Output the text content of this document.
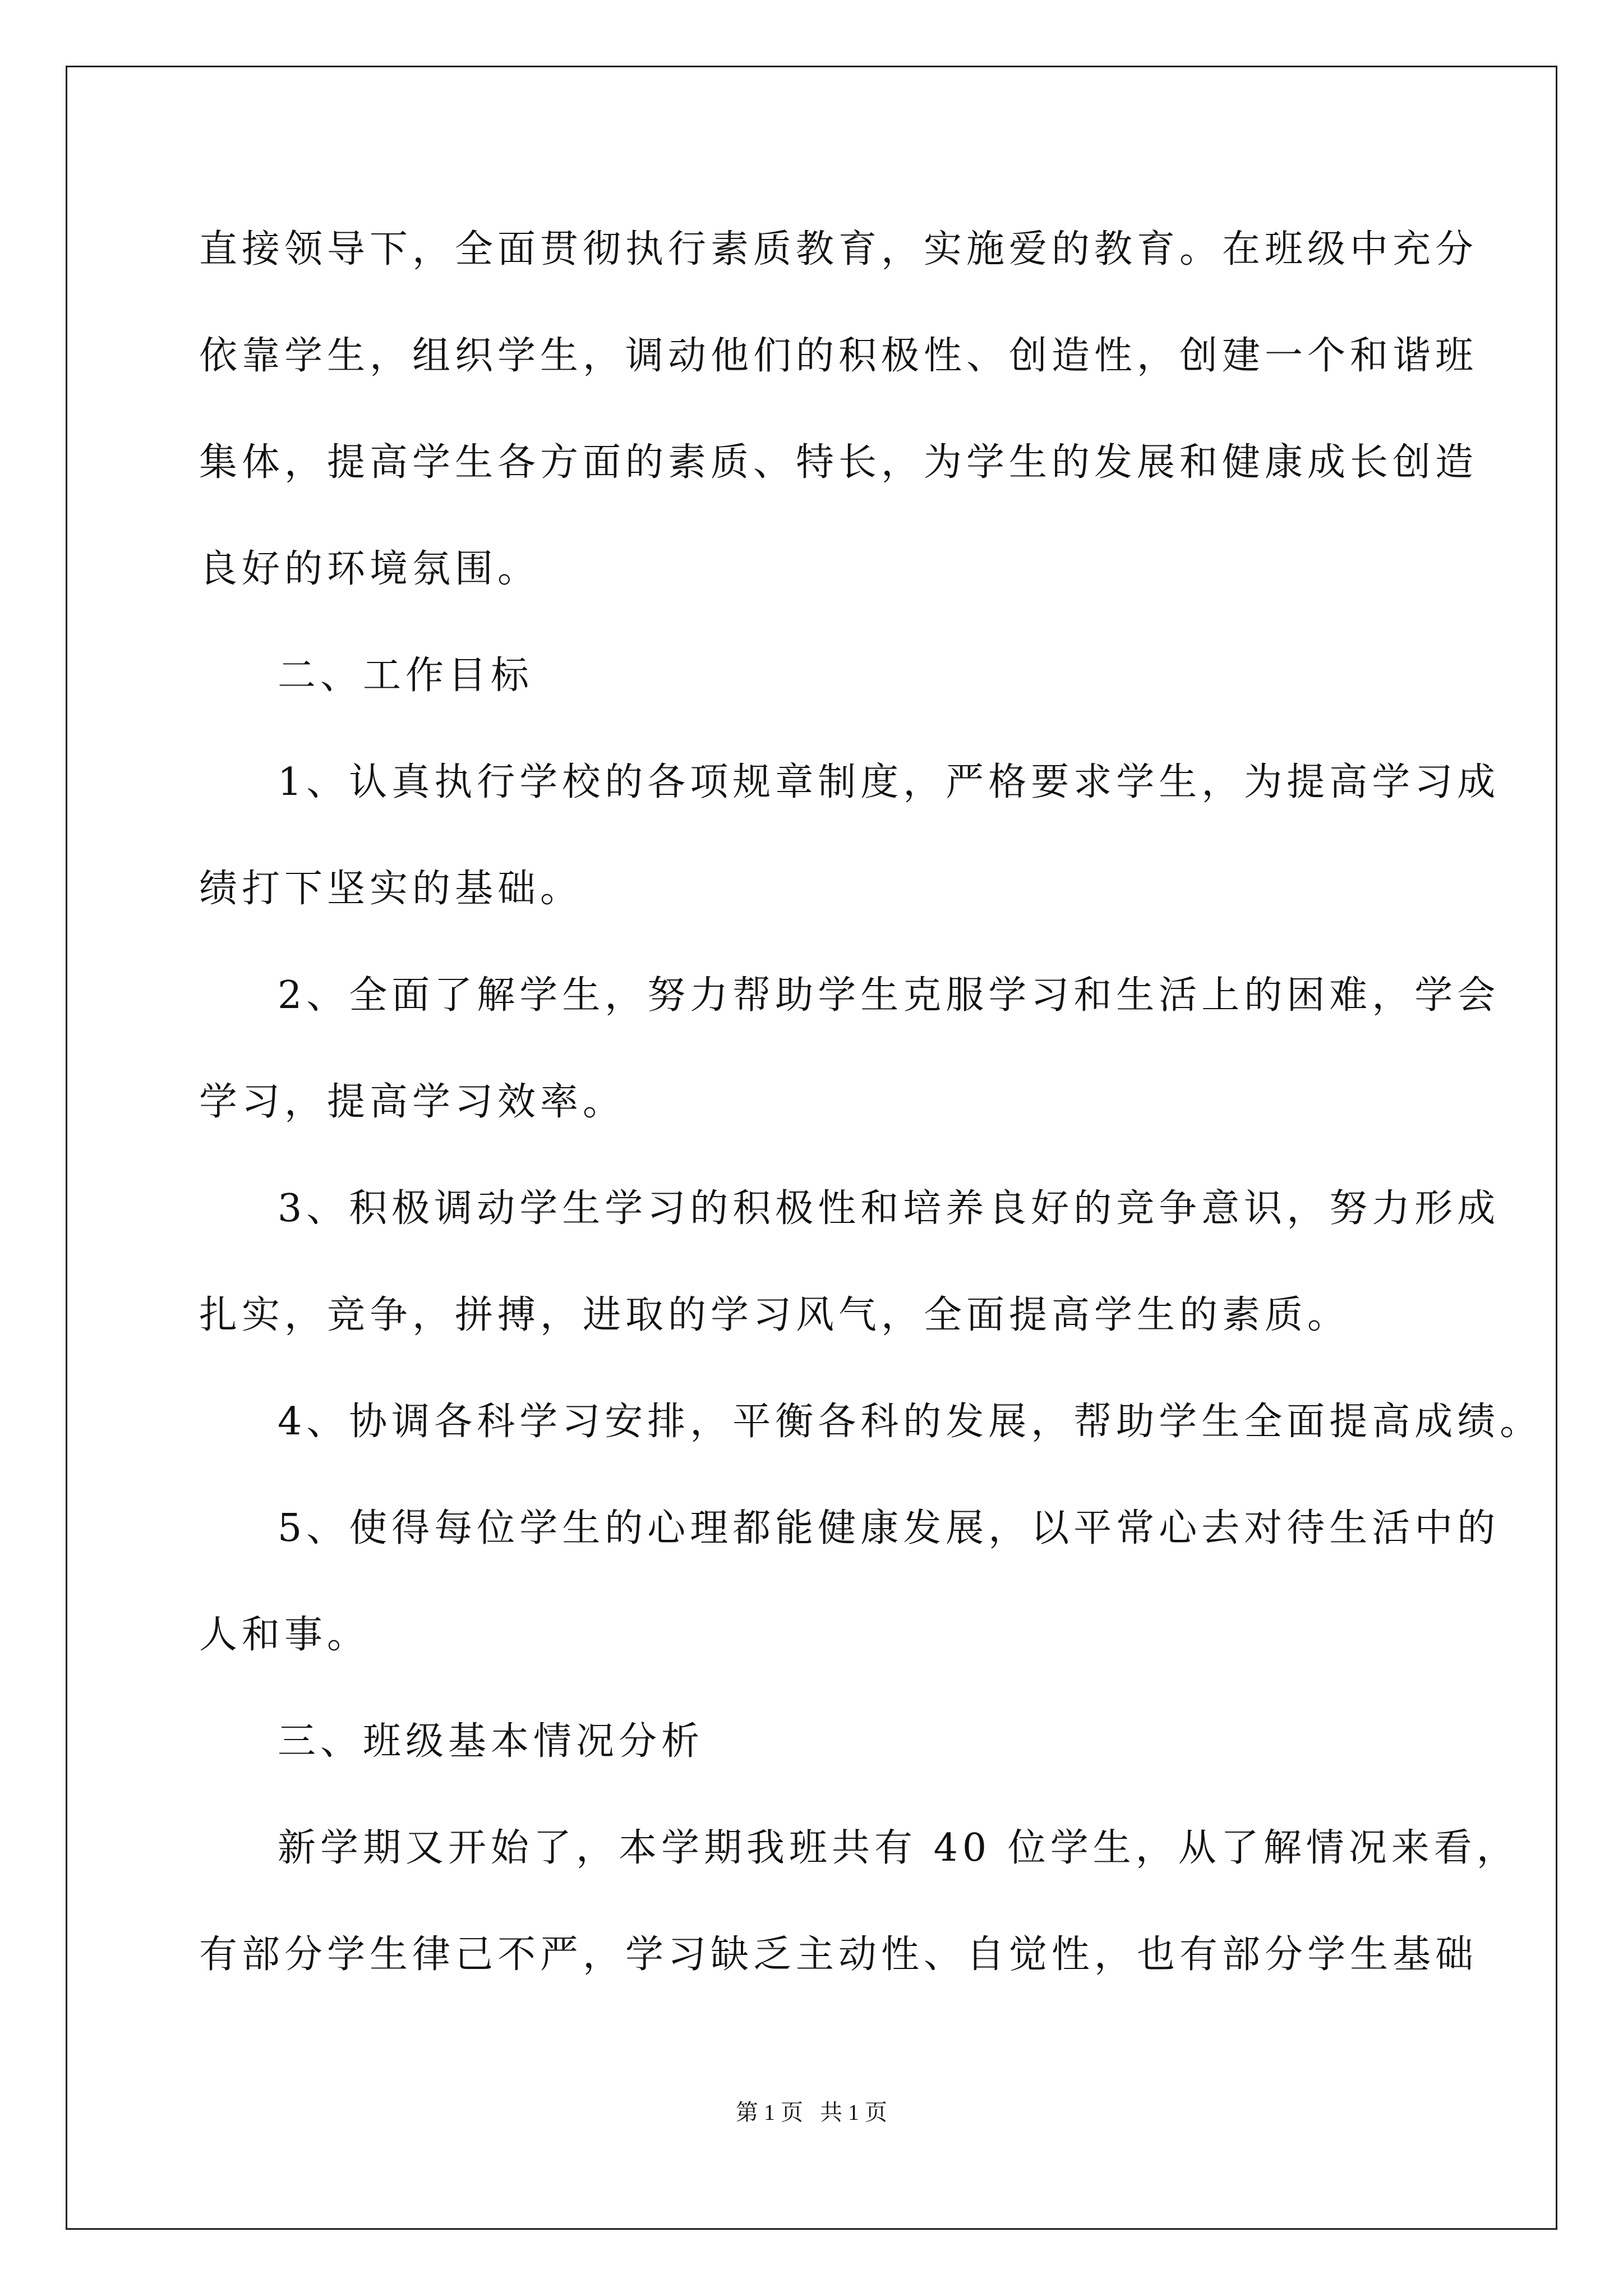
直接领导下，全面贯彻执行素质教育，实施爱的教育。在班级中充分

依靠学生，组织学生，调动他们的积极性、创造性，创建一个和谐班

集体，提高学生各方面的素质、特长，为学生的发展和健康成长创造

良好的环境氛围。

二、工作目标

1、认真执行学校的各项规章制度，严格要求学生，为提高学习成

绩打下坚实的基础。

2、全面了解学生，努力帮助学生克服学习和生活上的困难，学会

学习，提高学习效率。

3、积极调动学生学习的积极性和培养良好的竞争意识，努力形成

扎实，竞争，拼搏，进取的学习风气，全面提高学生的素质。

4、协调各科学习安排，平衡各科的发展，帮助学生全面提高成绩。

5、使得每位学生的心理都能健康发展，以平常心去对待生活中的

人和事。

三、班级基本情况分析

新学期又开始了，本学期我班共有 40 位学生，从了解情况来看，

有部分学生律己不严，学习缺乏主动性、自觉性，也有部分学生基础

第 1 页   共 1 页
